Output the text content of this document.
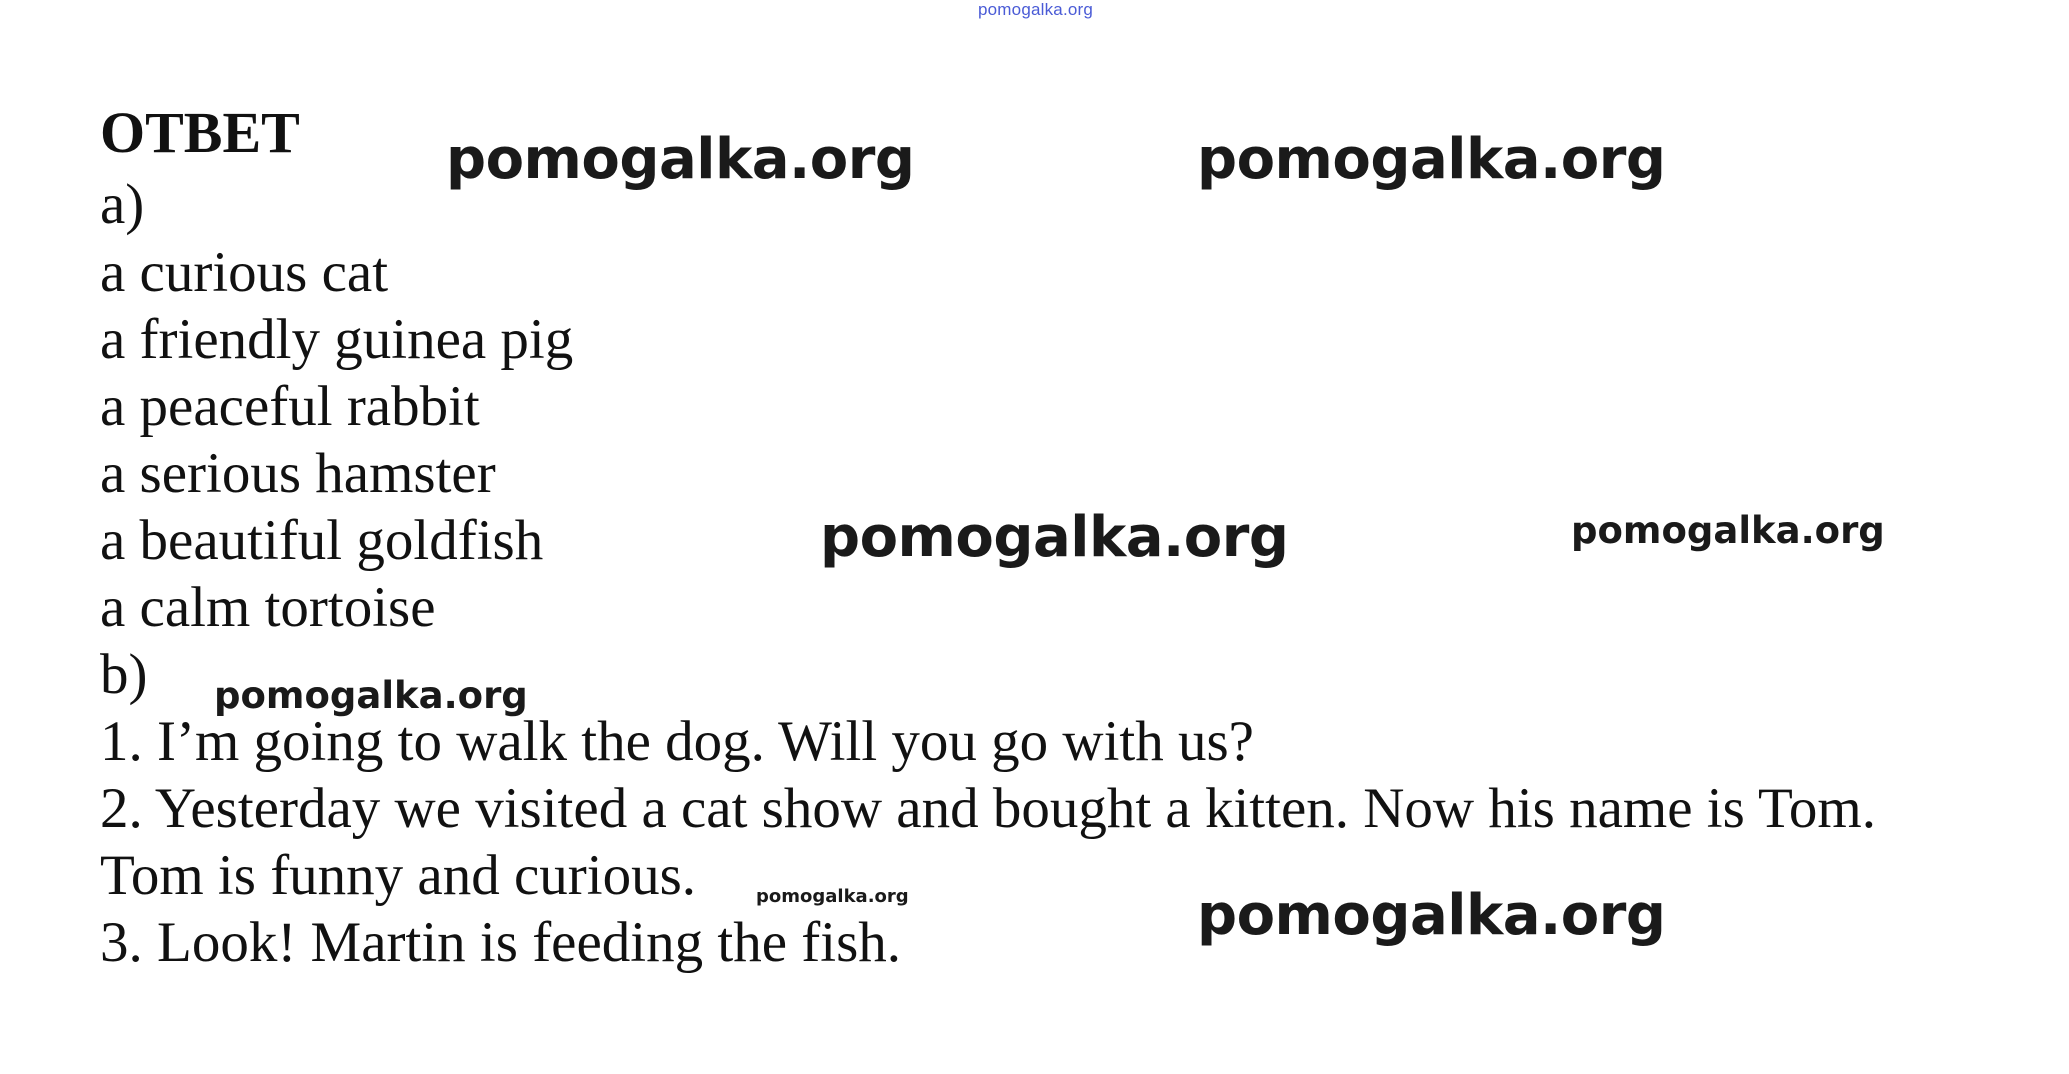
pomogalka.org
ОТВЕТ
a)
a curious cat
a friendly guinea pig
a peaceful rabbit
a serious hamster
a beautiful goldfish
a calm tortoise
b)
1. I’m going to walk the dog. Will you go with us?
2. Yesterday we visited a cat show and bought a kitten. Now his name is Tom.
Tom is funny and curious.
3. Look! Martin is feeding the fish.
pomogalka.org	pomogalka.org
pomogalka.org	pomogalka.org
pomogalka.org
pomogalka.org	pomogalka.org
